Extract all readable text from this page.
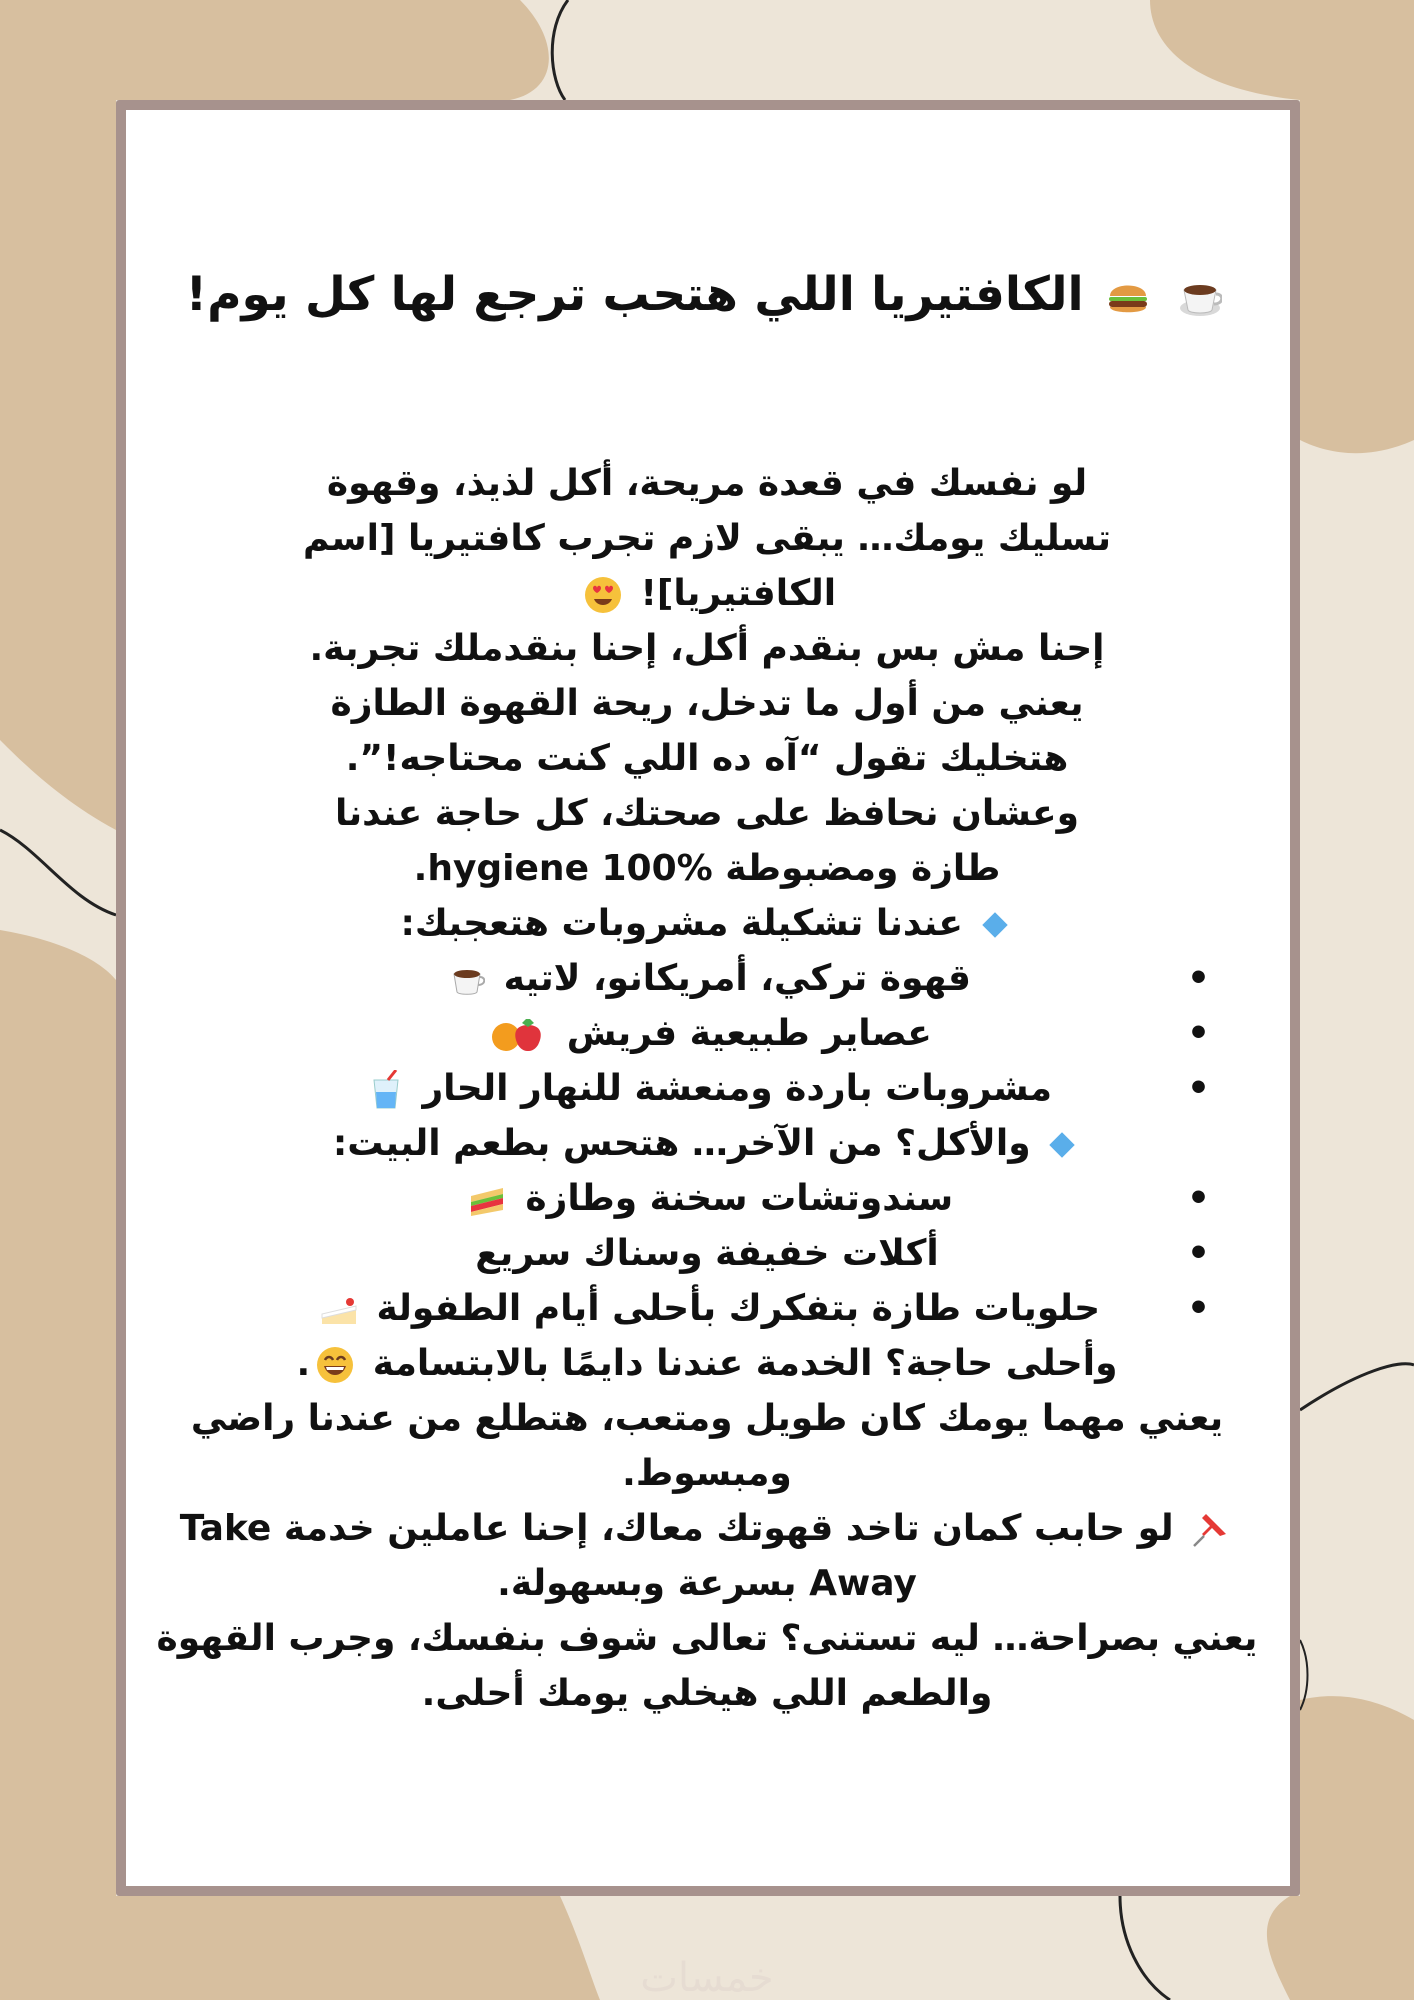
الكافتيريا اللي هتحب ترجع لها كل يوم!

لو نفسك في قعدة مريحة، أكل لذيذ، وقهوة تسليك يومك… يبقى لازم تجرب كافتيريا [اسم الكافتيريا]!
إحنا مش بس بنقدم أكل، إحنا بنقدملك تجربة. يعني من أول ما تدخل، ريحة القهوة الطازة هتخليك تقول “آه ده اللي كنت محتاجه!”. وعشان نحافظ على صحتك، كل حاجة عندنا طازة ومضبوطة hygiene 100%.

عندنا تشكيلة مشروبات هتعجبك:

•
قهوة تركي، أمريكانو، لاتيه
•
عصاير طبيعية فريش
•
مشروبات باردة ومنعشة للنهار الحار

والأكل؟ من الآخر… هتحس بطعم البيت:

•
سندوتشات سخنة وطازة
•
أكلات خفيفة وسناك سريع
•
حلويات طازة بتفكرك بأحلى أيام الطفولة

وأحلى حاجة؟ الخدمة عندنا دايمًا بالابتسامة .
يعني مهما يومك كان طويل ومتعب، هتطلع من عندنا راضي ومبسوط.

لو حابب كمان تاخد قهوتك معاك، إحنا عاملين خدمة Take Away بسرعة وبسهولة.

يعني بصراحة… ليه تستنى؟ تعالى شوف بنفسك، وجرب القهوة والطعم اللي هيخلي يومك أحلى.

خمسات
